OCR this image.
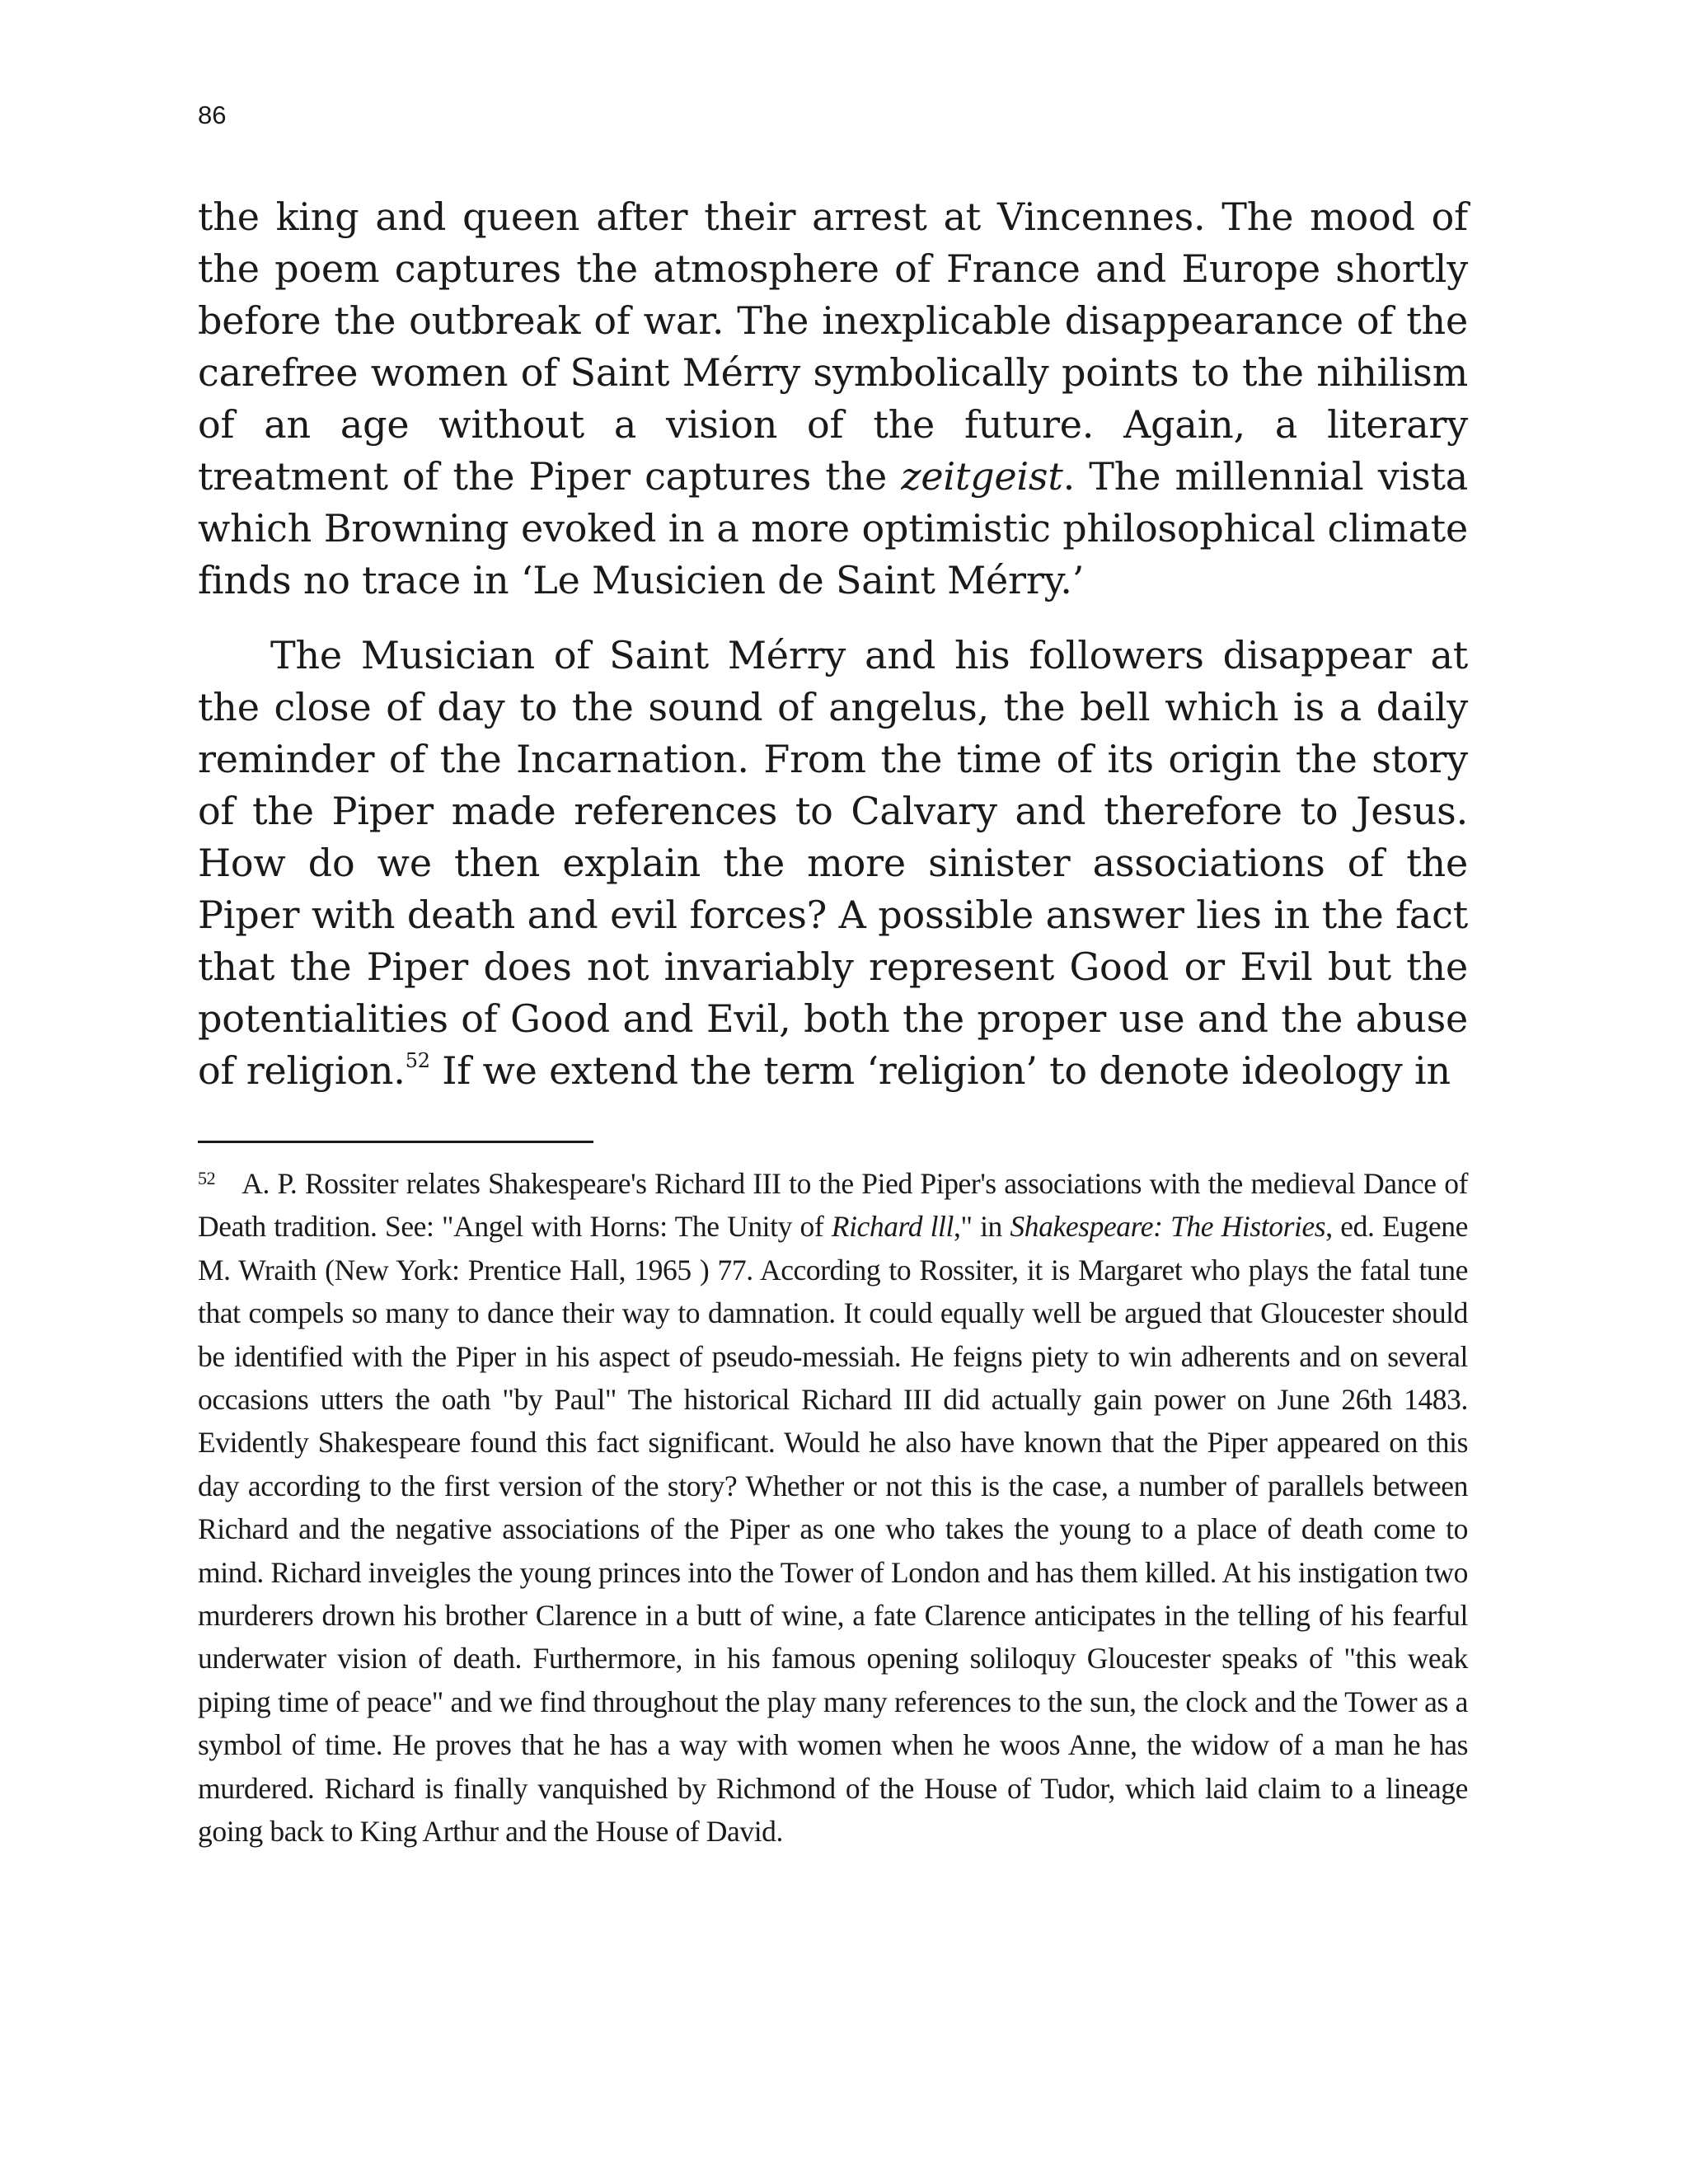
86

the king and queen after their arrest at Vincennes. The mood of the poem captures the atmosphere of France and Europe shortly before the outbreak of war. The inexplicable disappearance of the carefree women of Saint Mérry symbolically points to the nihilism of an age without a vision of the future. Again, a literary treatment of the Piper captures the zeitgeist. The millennial vista which Browning evoked in a more optimistic philosophical climate finds no trace in ‘Le Musicien de Saint Mérry.’

The Musician of Saint Mérry and his followers disappear at the close of day to the sound of angelus, the bell which is a daily reminder of the Incarnation. From the time of its origin the story of the Piper made references to Calvary and therefore to Jesus. How do we then explain the more sinister associations of the Piper with death and evil forces? A possible answer lies in the fact that the Piper does not invariably represent Good or Evil but the potentialities of Good and Evil, both the proper use and the abuse of religion.$^{52}$ If we extend the term ‘religion’ to denote ideology in

$^{52}$ A. P. Rossiter relates Shakespeare's Richard III to the Pied Piper's associations with the medieval Dance of Death tradition. See: "Angel with Horns: The Unity of Richard lll," in Shakespeare: The Histories, ed. Eugene M. Wraith (New York: Prentice Hall, 1965 ) 77. According to Rossiter, it is Margaret who plays the fatal tune that compels so many to dance their way to damnation. It could equally well be argued that Gloucester should be identified with the Piper in his aspect of pseudo-messiah. He feigns piety to win adherents and on several occasions utters the oath "by Paul" The historical Richard III did actually gain power on June 26th 1483. Evidently Shakespeare found this fact significant. Would he also have known that the Piper appeared on this day according to the first version of the story? Whether or not this is the case, a number of parallels between Richard and the negative associations of the Piper as one who takes the young to a place of death come to mind. Richard inveigles the young princes into the Tower of London and has them killed. At his instigation two murderers drown his brother Clarence in a butt of wine, a fate Clarence anticipates in the telling of his fearful underwater vision of death. Furthermore, in his famous opening soliloquy Gloucester speaks of "this weak piping time of peace" and we find throughout the play many references to the sun, the clock and the Tower as a symbol of time. He proves that he has a way with women when he woos Anne, the widow of a man he has murdered. Richard is finally vanquished by Richmond of the House of Tudor, which laid claim to a lineage going back to King Arthur and the House of David.
